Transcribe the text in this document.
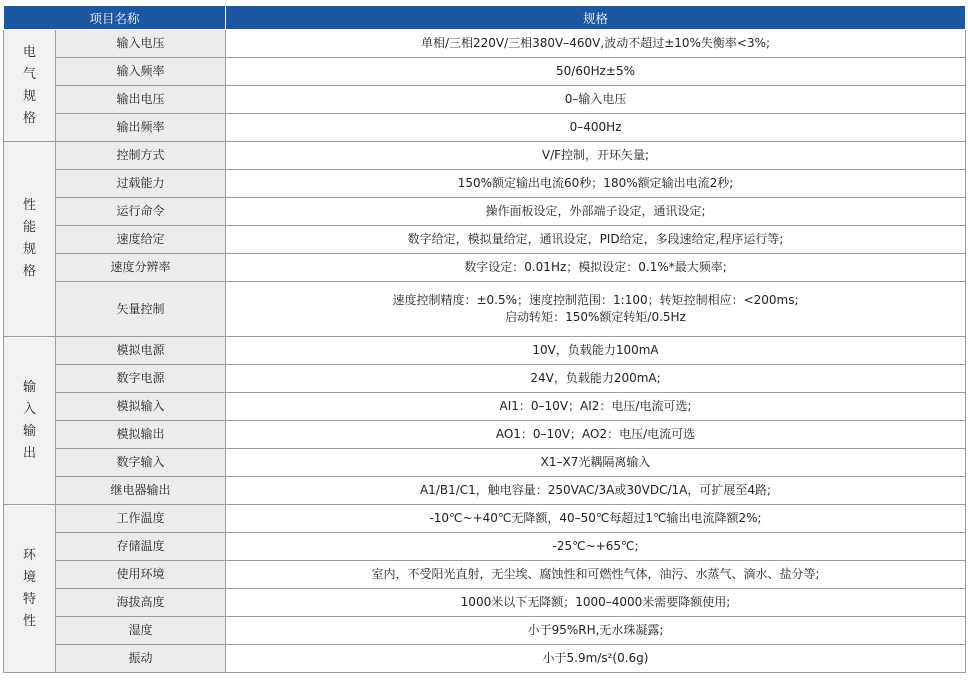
项目名称		规格
电气规格	输入电压	单相/三相220V/三相380V–460V,波动不超过±10%失衡率<3%;

	输入频率	50/60Hz±5%

	输出电压	0–输入电压

	输出频率	0–400Hz

性能规格	控制方式	V/F控制，开环矢量;

	过载能力	150%额定输出电流60秒；180%额定输出电流2秒;

	运行命令	操作面板设定，外部端子设定，通讯设定;

	速度给定	数字给定，模拟量给定，通讯设定，PID给定，多段速给定,程序运行等;

	速度分辨率	数字设定：0.01Hz；模拟设定：0.1%*最大频率;

	矢量控制	速度控制精度：±0.5%；速度控制范围：1:100；转矩控制相应：<200ms;
启动转矩：150%额定转矩/0.5Hz

输入输出	模拟电源	10V，负载能力100mA

	数字电源	24V，负载能力200mA;

	模拟输入	AI1：0–10V；AI2：电压/电流可选;

	模拟输出	AO1：0–10V；AO2：电压/电流可选

	数字输入	X1–X7光耦隔离输入

	继电器输出	A1/B1/C1，触电容量：250VAC/3A或30VDC/1A，可扩展至4路;

环境特性	工作温度	-10℃~+40℃无降额，40–50℃每超过1℃输出电流降额2%;

	存储温度	-25℃~+65℃;

	使用环境	室内，不受阳光直射，无尘埃、腐蚀性和可燃性气体，油污、水蒸气、滴水、盐分等;

	海拔高度	1000米以下无降额；1000–4000米需要降额使用;

	湿度	小于95%RH,无水珠凝露;

	振动	小于5.9m/s²(0.6g)
